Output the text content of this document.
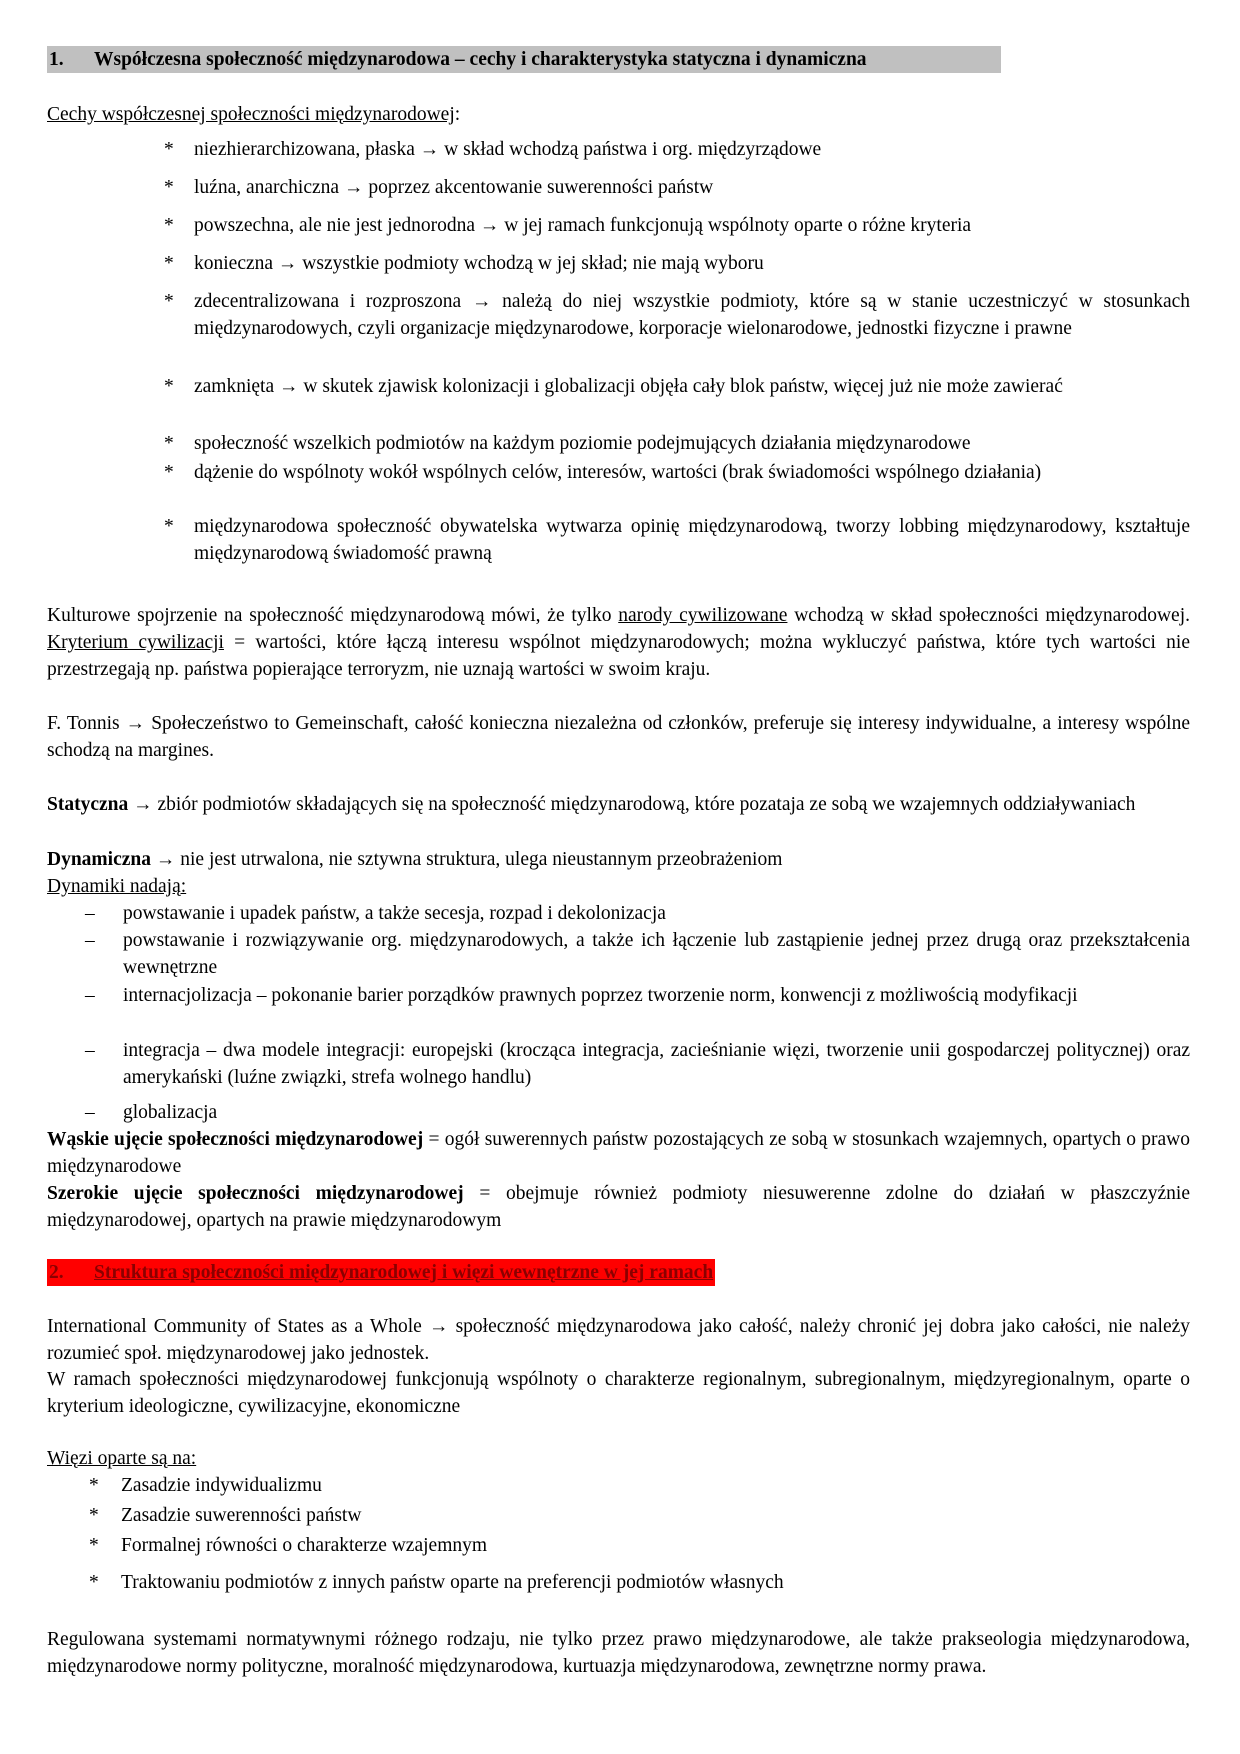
1. Współczesna społeczność międzynarodowa – cechy i charakterystyka statyczna i dynamiczna
Cechy współczesnej społeczności międzynarodowej:
* niezhierarchizowana, płaska → w skład wchodzą państwa i org. międzyrządowe
* luźna, anarchiczna → poprzez akcentowanie suwerenności państw
* powszechna, ale nie jest jednorodna → w jej ramach funkcjonują wspólnoty oparte o różne kryteria
* konieczna → wszystkie podmioty wchodzą w jej skład; nie mają wyboru
* zdecentralizowana i rozproszona → należą do niej wszystkie podmioty, które są w stanie uczestniczyć w stosunkach międzynarodowych, czyli organizacje międzynarodowe, korporacje wielonarodowe, jednostki fizyczne i prawne
* zamknięta → w skutek zjawisk kolonizacji i globalizacji objęła cały blok państw, więcej już nie może zawierać
* społeczność wszelkich podmiotów na każdym poziomie podejmujących działania międzynarodowe
* dążenie do wspólnoty wokół wspólnych celów, interesów, wartości (brak świadomości wspólnego działania)
* międzynarodowa społeczność obywatelska wytwarza opinię międzynarodową, tworzy lobbing międzynarodowy, kształtuje międzynarodową świadomość prawną
Kulturowe spojrzenie na społeczność międzynarodową mówi, że tylko narody cywilizowane wchodzą w skład społeczności międzynarodowej. Kryterium cywilizacji = wartości, które łączą interesu wspólnot międzynarodowych; można wykluczyć państwa, które tych wartości nie przestrzegają np. państwa popierające terroryzm, nie uznają wartości w swoim kraju.
F. Tonnis → Społeczeństwo to Gemeinschaft, całość konieczna niezależna od członków, preferuje się interesy indywidualne, a interesy wspólne schodzą na margines.
Statyczna → zbiór podmiotów składających się na społeczność międzynarodową, które pozataja ze sobą we wzajemnych oddziaływaniach
Dynamiczna → nie jest utrwalona, nie sztywna struktura, ulega nieustannym przeobrażeniom
Dynamiki nadają:
– powstawanie i upadek państw, a także secesja, rozpad i dekolonizacja
– powstawanie i rozwiązywanie org. międzynarodowych, a także ich łączenie lub zastąpienie jednej przez drugą oraz przekształcenia wewnętrzne
– internacjolizacja – pokonanie barier porządków prawnych poprzez tworzenie norm, konwencji z możliwością modyfikacji
– integracja – dwa modele integracji: europejski (krocząca integracja, zacieśnianie więzi, tworzenie unii gospodarczej politycznej) oraz amerykański (luźne związki, strefa wolnego handlu)
– globalizacja
Wąskie ujęcie społeczności międzynarodowej = ogół suwerennych państw pozostających ze sobą w stosunkach wzajemnych, opartych o prawo międzynarodowe
Szerokie ujęcie społeczności międzynarodowej = obejmuje również podmioty niesuwerenne zdolne do działań w płaszczyźnie międzynarodowej, opartych na prawie międzynarodowym
2. Struktura społeczności międzynarodowej i więzi wewnętrzne w jej ramach
International Community of States as a Whole → społeczność międzynarodowa jako całość, należy chronić jej dobra jako całości, nie należy rozumieć społ. międzynarodowej jako jednostek.
W ramach społeczności międzynarodowej funkcjonują wspólnoty o charakterze regionalnym, subregionalnym, międzyregionalnym, oparte o kryterium ideologiczne, cywilizacyjne, ekonomiczne
Więzi oparte są na:
* Zasadzie indywidualizmu
* Zasadzie suwerenności państw
* Formalnej równości o charakterze wzajemnym
* Traktowaniu podmiotów z innych państw oparte na preferencji podmiotów własnych
Regulowana systemami normatywnymi różnego rodzaju, nie tylko przez prawo międzynarodowe, ale także prakseologia międzynarodowa, międzynarodowe normy polityczne, moralność międzynarodowa, kurtuazja międzynarodowa, zewnętrzne normy prawa.
